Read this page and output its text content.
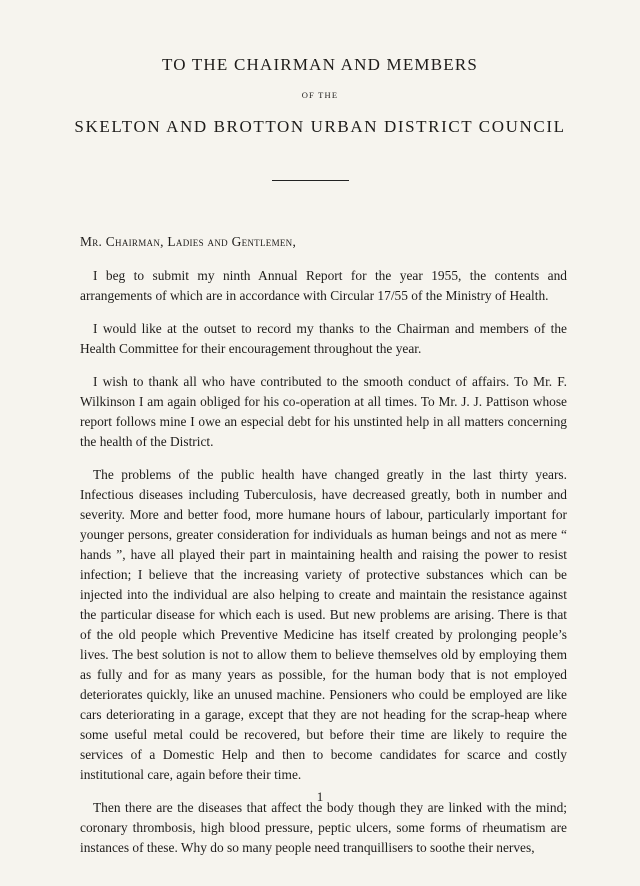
TO THE CHAIRMAN AND MEMBERS
OF THE
SKELTON AND BROTTON URBAN DISTRICT COUNCIL

Mr. Chairman, Ladies and Gentlemen,

I beg to submit my ninth Annual Report for the year 1955, the contents and arrangements of which are in accordance with Circular 17/55 of the Ministry of Health.

I would like at the outset to record my thanks to the Chairman and members of the Health Committee for their encouragement throughout the year.

I wish to thank all who have contributed to the smooth conduct of affairs. To Mr. F. Wilkinson I am again obliged for his co-operation at all times. To Mr. J. J. Pattison whose report follows mine I owe an especial debt for his unstinted help in all matters concerning the health of the District.

The problems of the public health have changed greatly in the last thirty years. Infectious diseases including Tuberculosis, have decreased greatly, both in number and severity. More and better food, more humane hours of labour, particularly important for younger persons, greater consideration for individuals as human beings and not as mere “ hands ”, have all played their part in maintaining health and raising the power to resist infection; I believe that the increasing variety of protective substances which can be injected into the individual are also helping to create and maintain the resistance against the particular disease for which each is used. But new problems are arising. There is that of the old people which Preventive Medicine has itself created by prolonging people’s lives. The best solution is not to allow them to believe themselves old by employing them as fully and for as many years as possible, for the human body that is not employed deteriorates quickly, like an unused machine. Pensioners who could be employed are like cars deteriorating in a garage, except that they are not heading for the scrap-heap where some useful metal could be recovered, but before their time are likely to require the services of a Domestic Help and then to become candidates for scarce and costly institutional care, again before their time.

Then there are the diseases that affect the body though they are linked with the mind; coronary thrombosis, high blood pressure, peptic ulcers, some forms of rheumatism are instances of these. Why do so many people need tranquillisers to soothe their nerves,

1
